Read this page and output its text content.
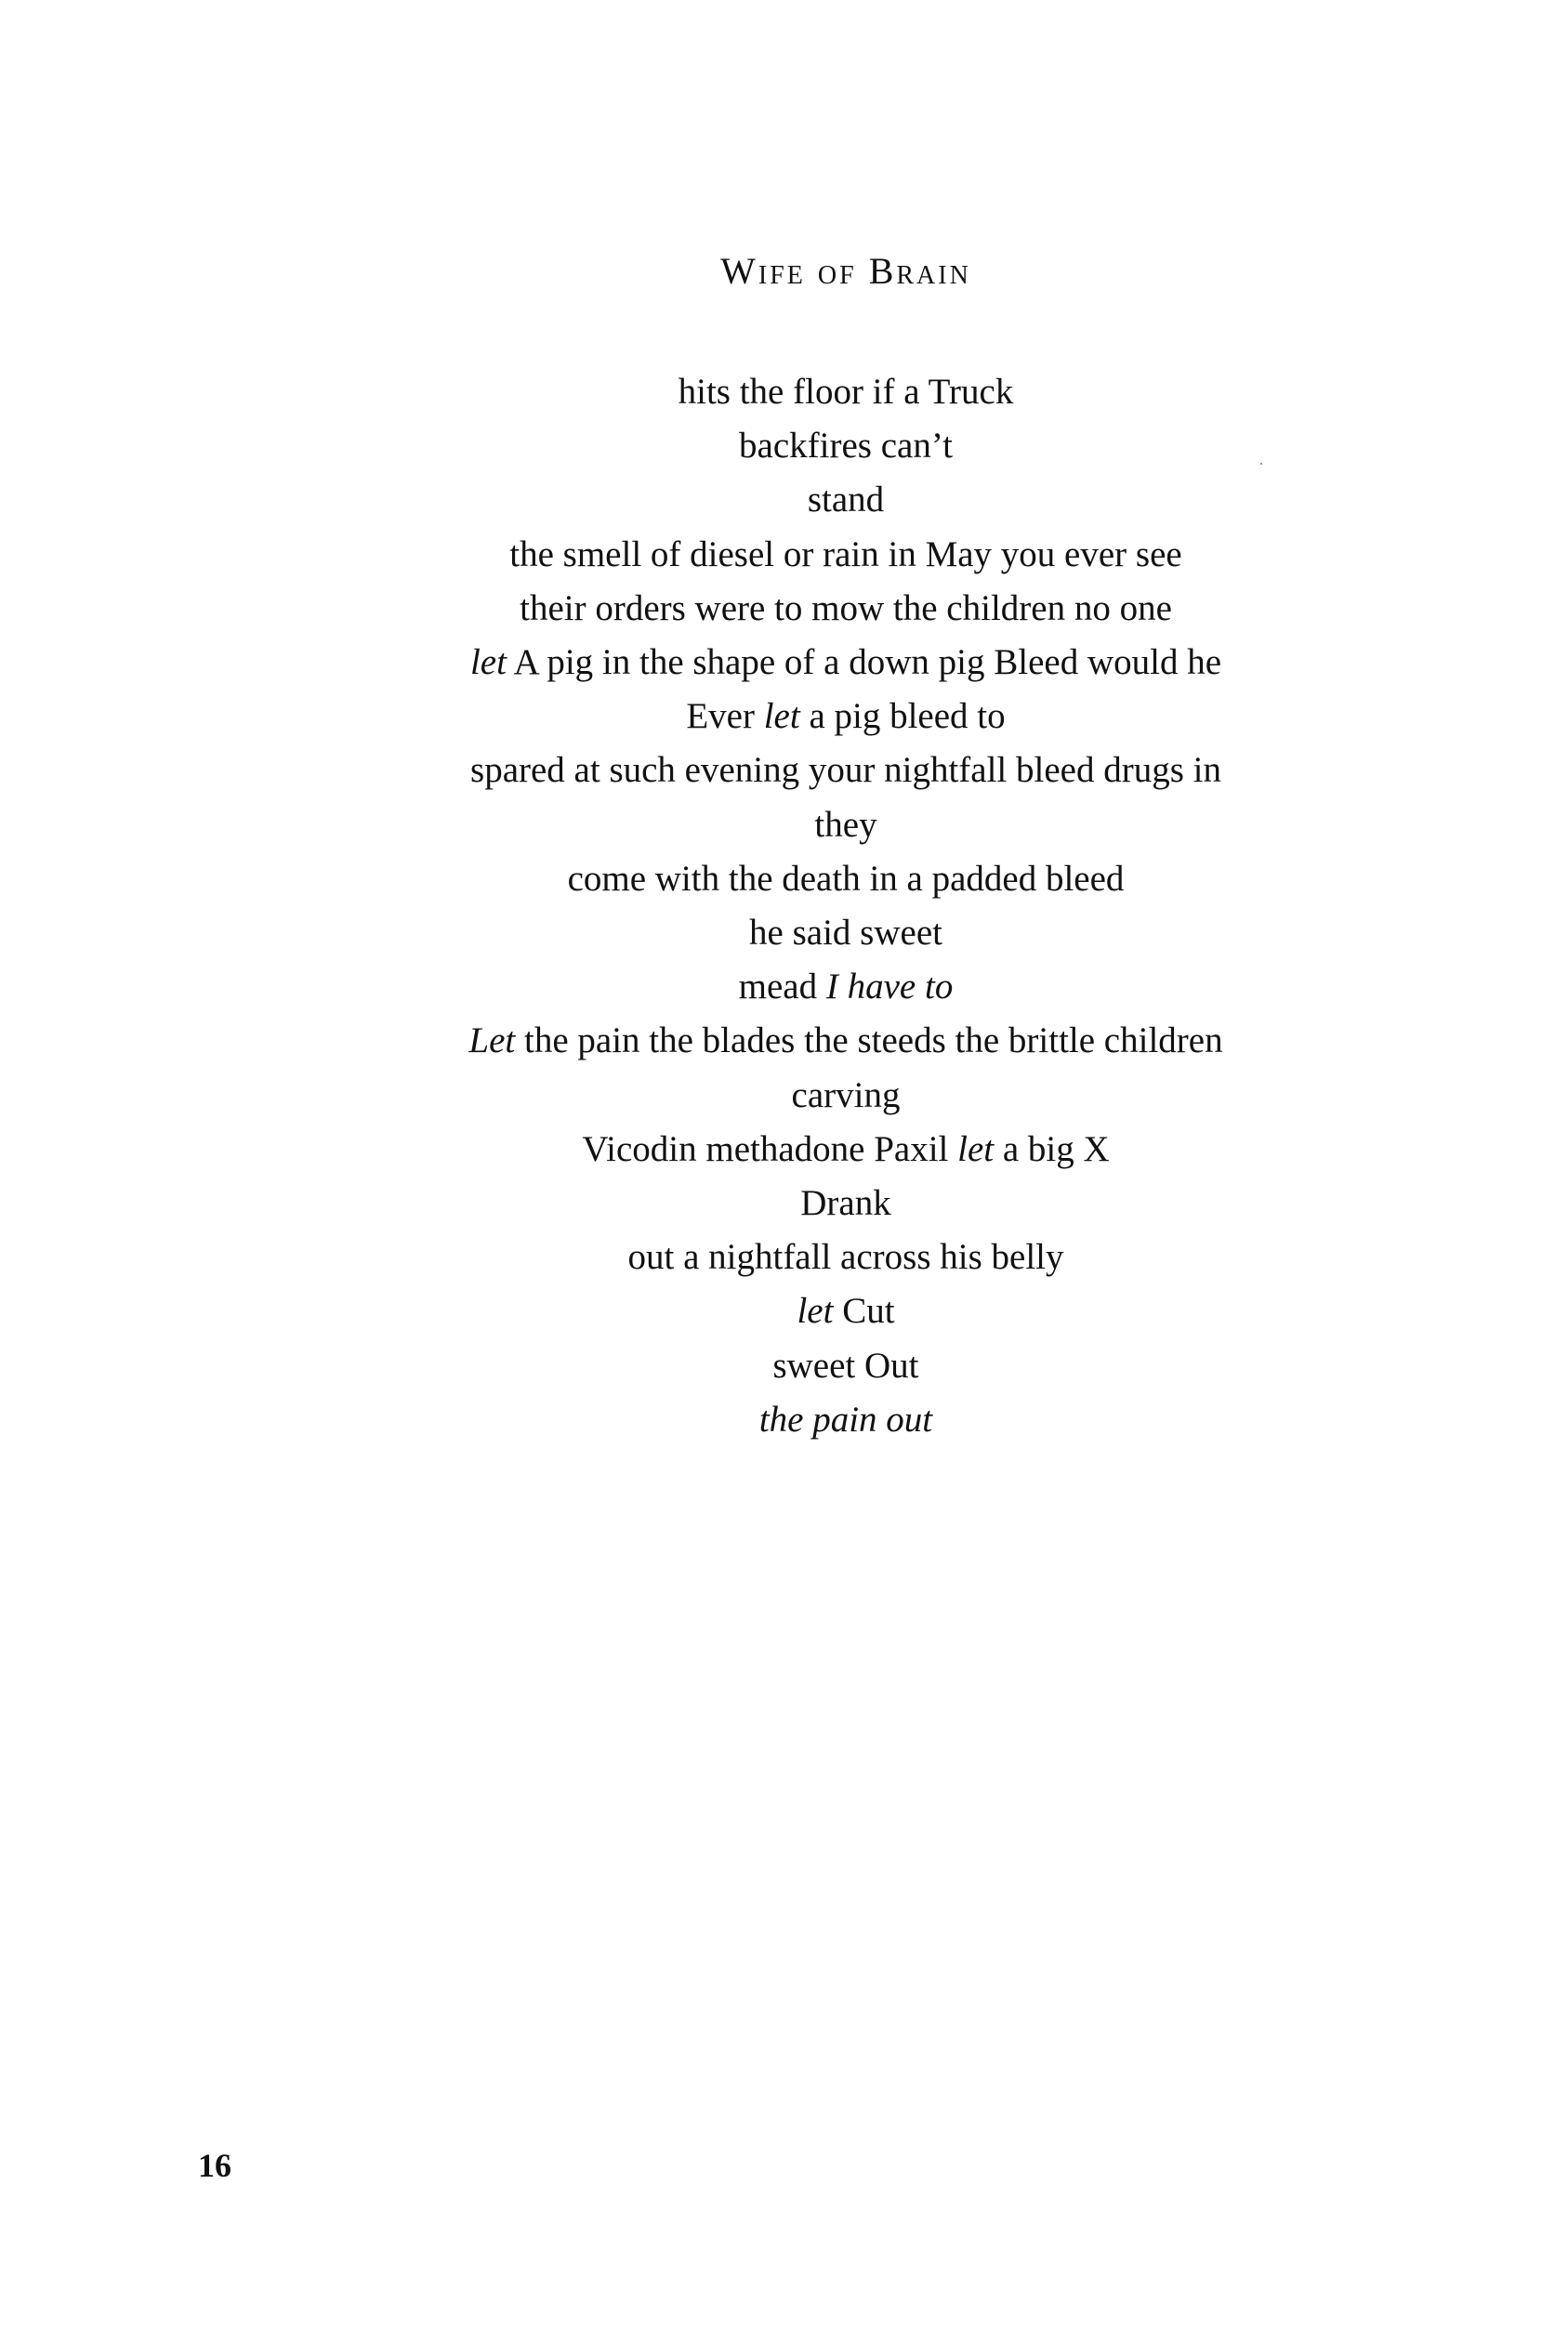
Wife of Brain
hits the floor if a Truck
backfires can’t
stand
the smell of diesel or rain in May you ever see
their orders were to mow the children no one
let A pig in the shape of a down pig Bleed would he
Ever let a pig bleed to
spared at such evening your nightfall bleed drugs in
they
come with the death in a padded bleed
he said sweet
mead I have to
Let the pain the blades the steeds the brittle children
carving
Vicodin methadone Paxil let a big X
Drank
out a nightfall across his belly
let Cut
sweet Out
the pain out
16
